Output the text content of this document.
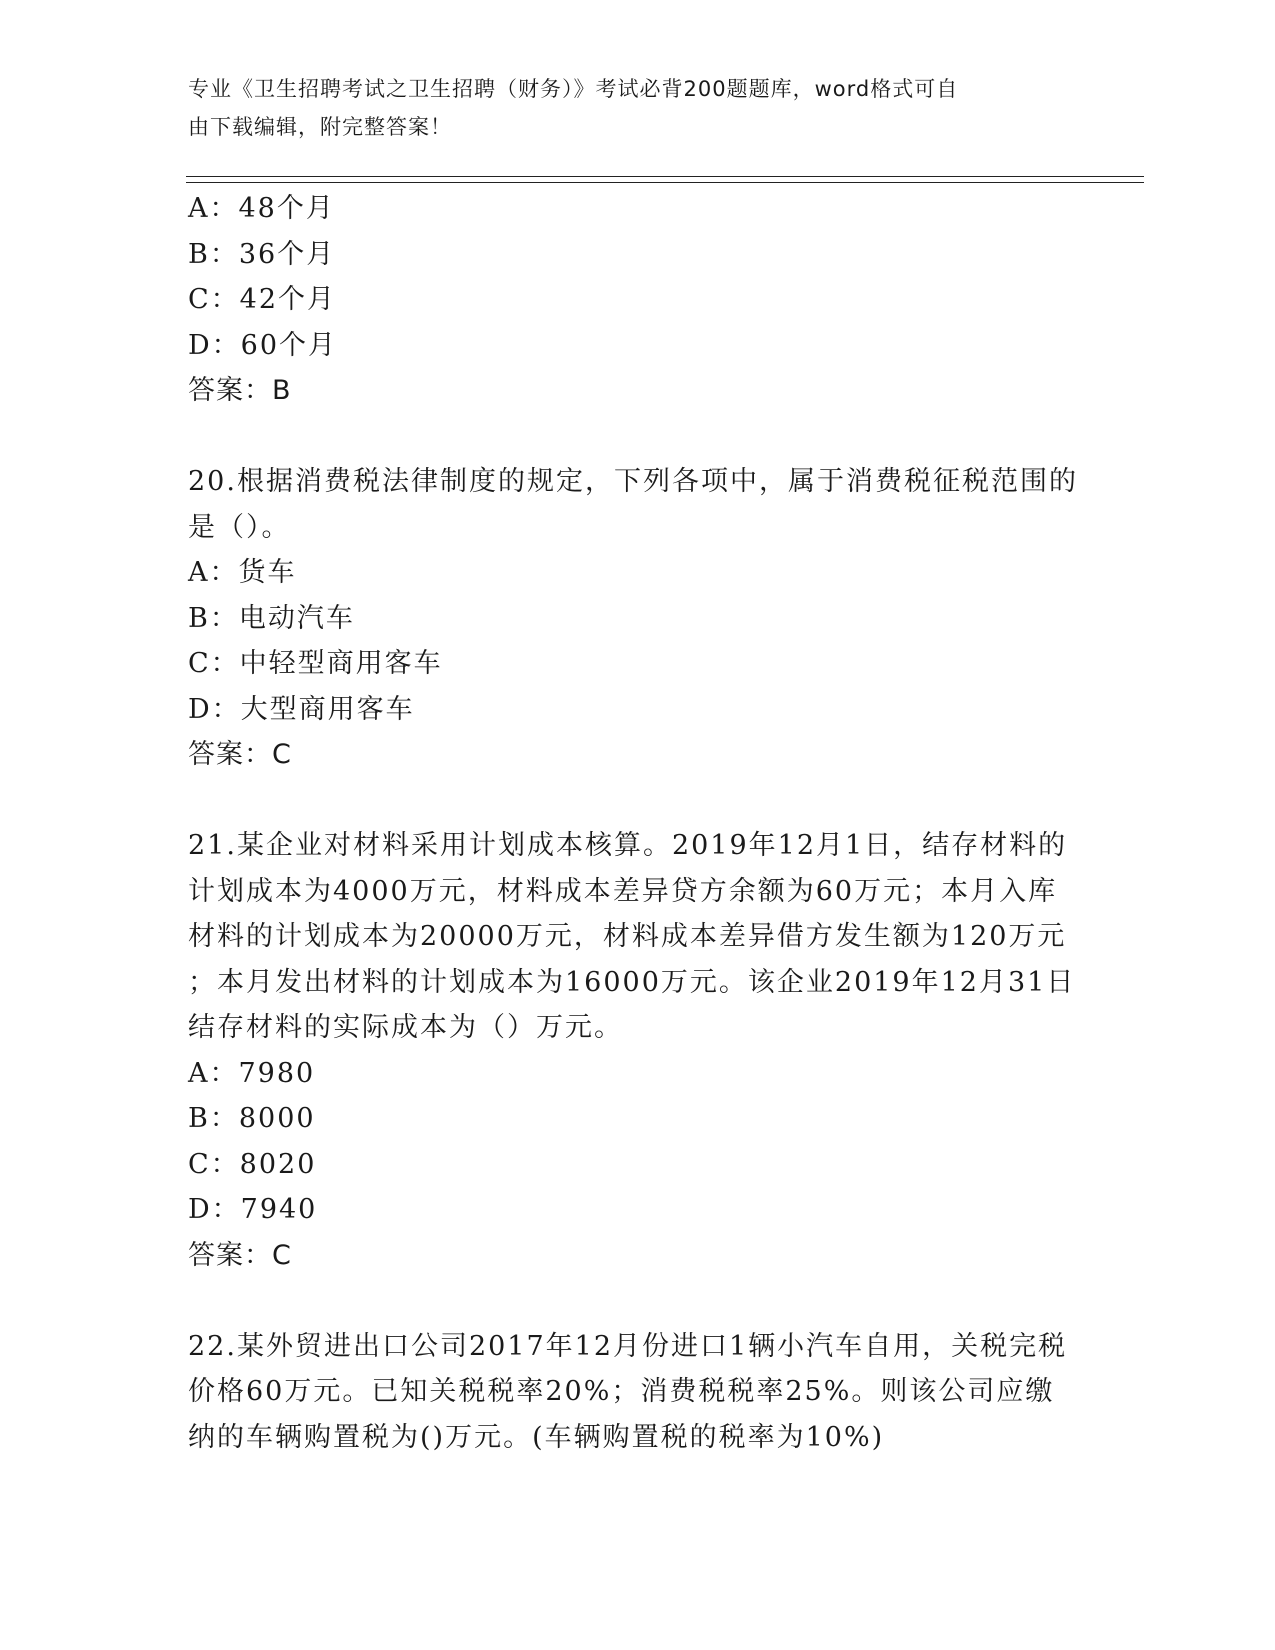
专业《卫生招聘考试之卫生招聘（财务）》考试必背200题题库，word格式可自
由下载编辑，附完整答案！

A：48个月

B：36个月

C：42个月

D：60个月

答案：B

20.根据消费税法律制度的规定，下列各项中，属于消费税征税范围的

是（）。

A：货车

B：电动汽车

C：中轻型商用客车

D：大型商用客车

答案：C

21.某企业对材料采用计划成本核算。2019年12月1日，结存材料的

计划成本为4000万元，材料成本差异贷方余额为60万元；本月入库

材料的计划成本为20000万元，材料成本差异借方发生额为120万元

；本月发出材料的计划成本为16000万元。该企业2019年12月31日

结存材料的实际成本为（）万元。

A：7980

B：8000

C：8020

D：7940

答案：C

22.某外贸进出口公司2017年12月份进口1辆小汽车自用，关税完税

价格60万元。已知关税税率20%；消费税税率25%。则该公司应缴

纳的车辆购置税为()万元。(车辆购置税的税率为10%)
